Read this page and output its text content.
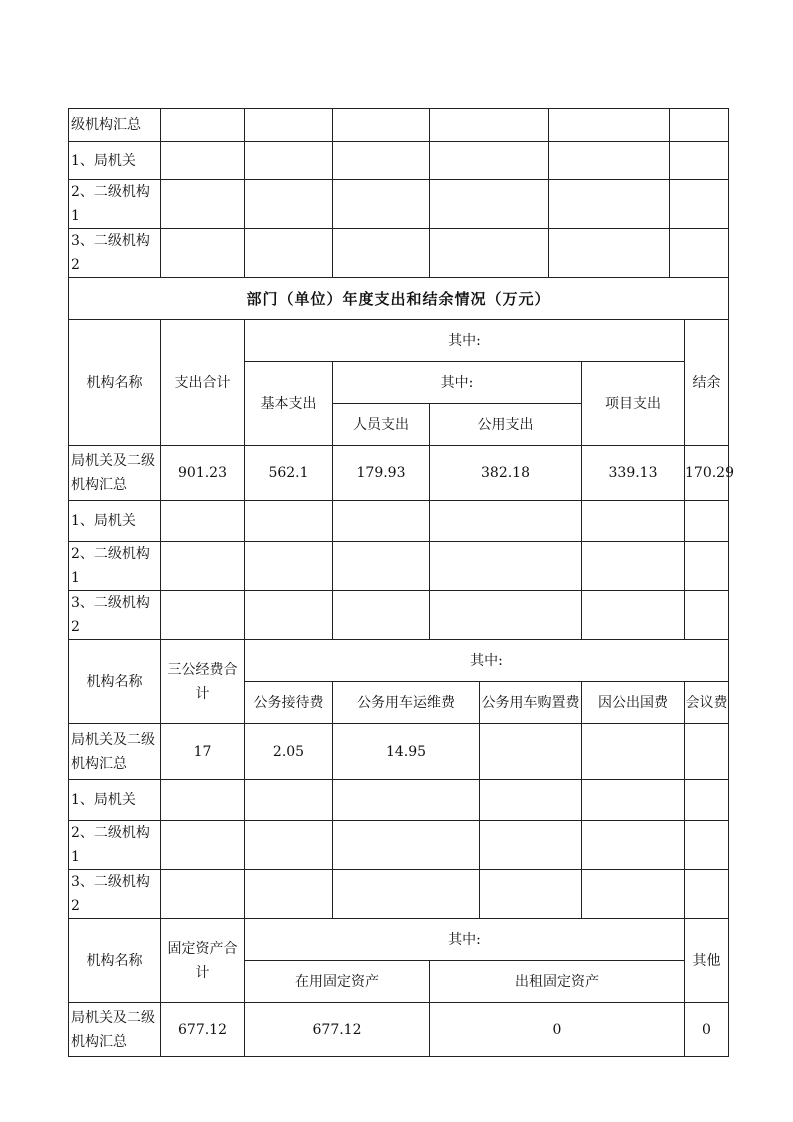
级机构汇总									
1、局机关									
2、二级机构 1									
3、二级机构 2									
部门（单位）年度支出和结余情况（万元）									
机构名称	支出合计	其中:							结余
		基本支出	其中:				项目支出		
			人员支出	公用支出					
局机关及二级机构汇总	901.23	562.1	179.93	382.18			339.13		170.29
1、局机关									
2、二级机构 1									
3、二级机构 2									
机构名称	三公经费合计	其中:							
		公务接待费	公务用车运维费		公务用车购置费		因公出国费		会议费
局机关及二级机构汇总	17	2.05	14.95						
1、局机关									
2、二级机构 1									
3、二级机构 2									
机构名称	固定资产合计	其中:							其他
		在用固定资产		出租固定资产					
局机关及二级机构汇总	677.12	677.12		0					0
